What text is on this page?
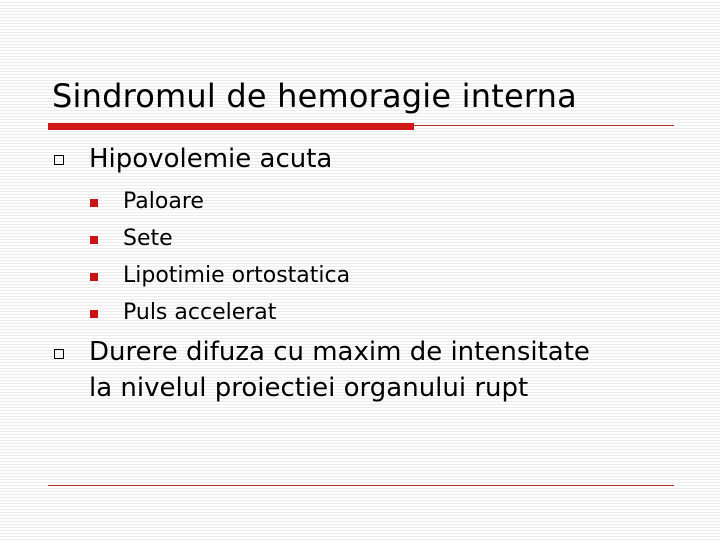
Sindromul de hemoragie interna
Hipovolemie acuta
Paloare
Sete
Lipotimie ortostatica
Puls accelerat
Durere difuza cu maxim de intensitate
la nivelul proiectiei organului rupt
